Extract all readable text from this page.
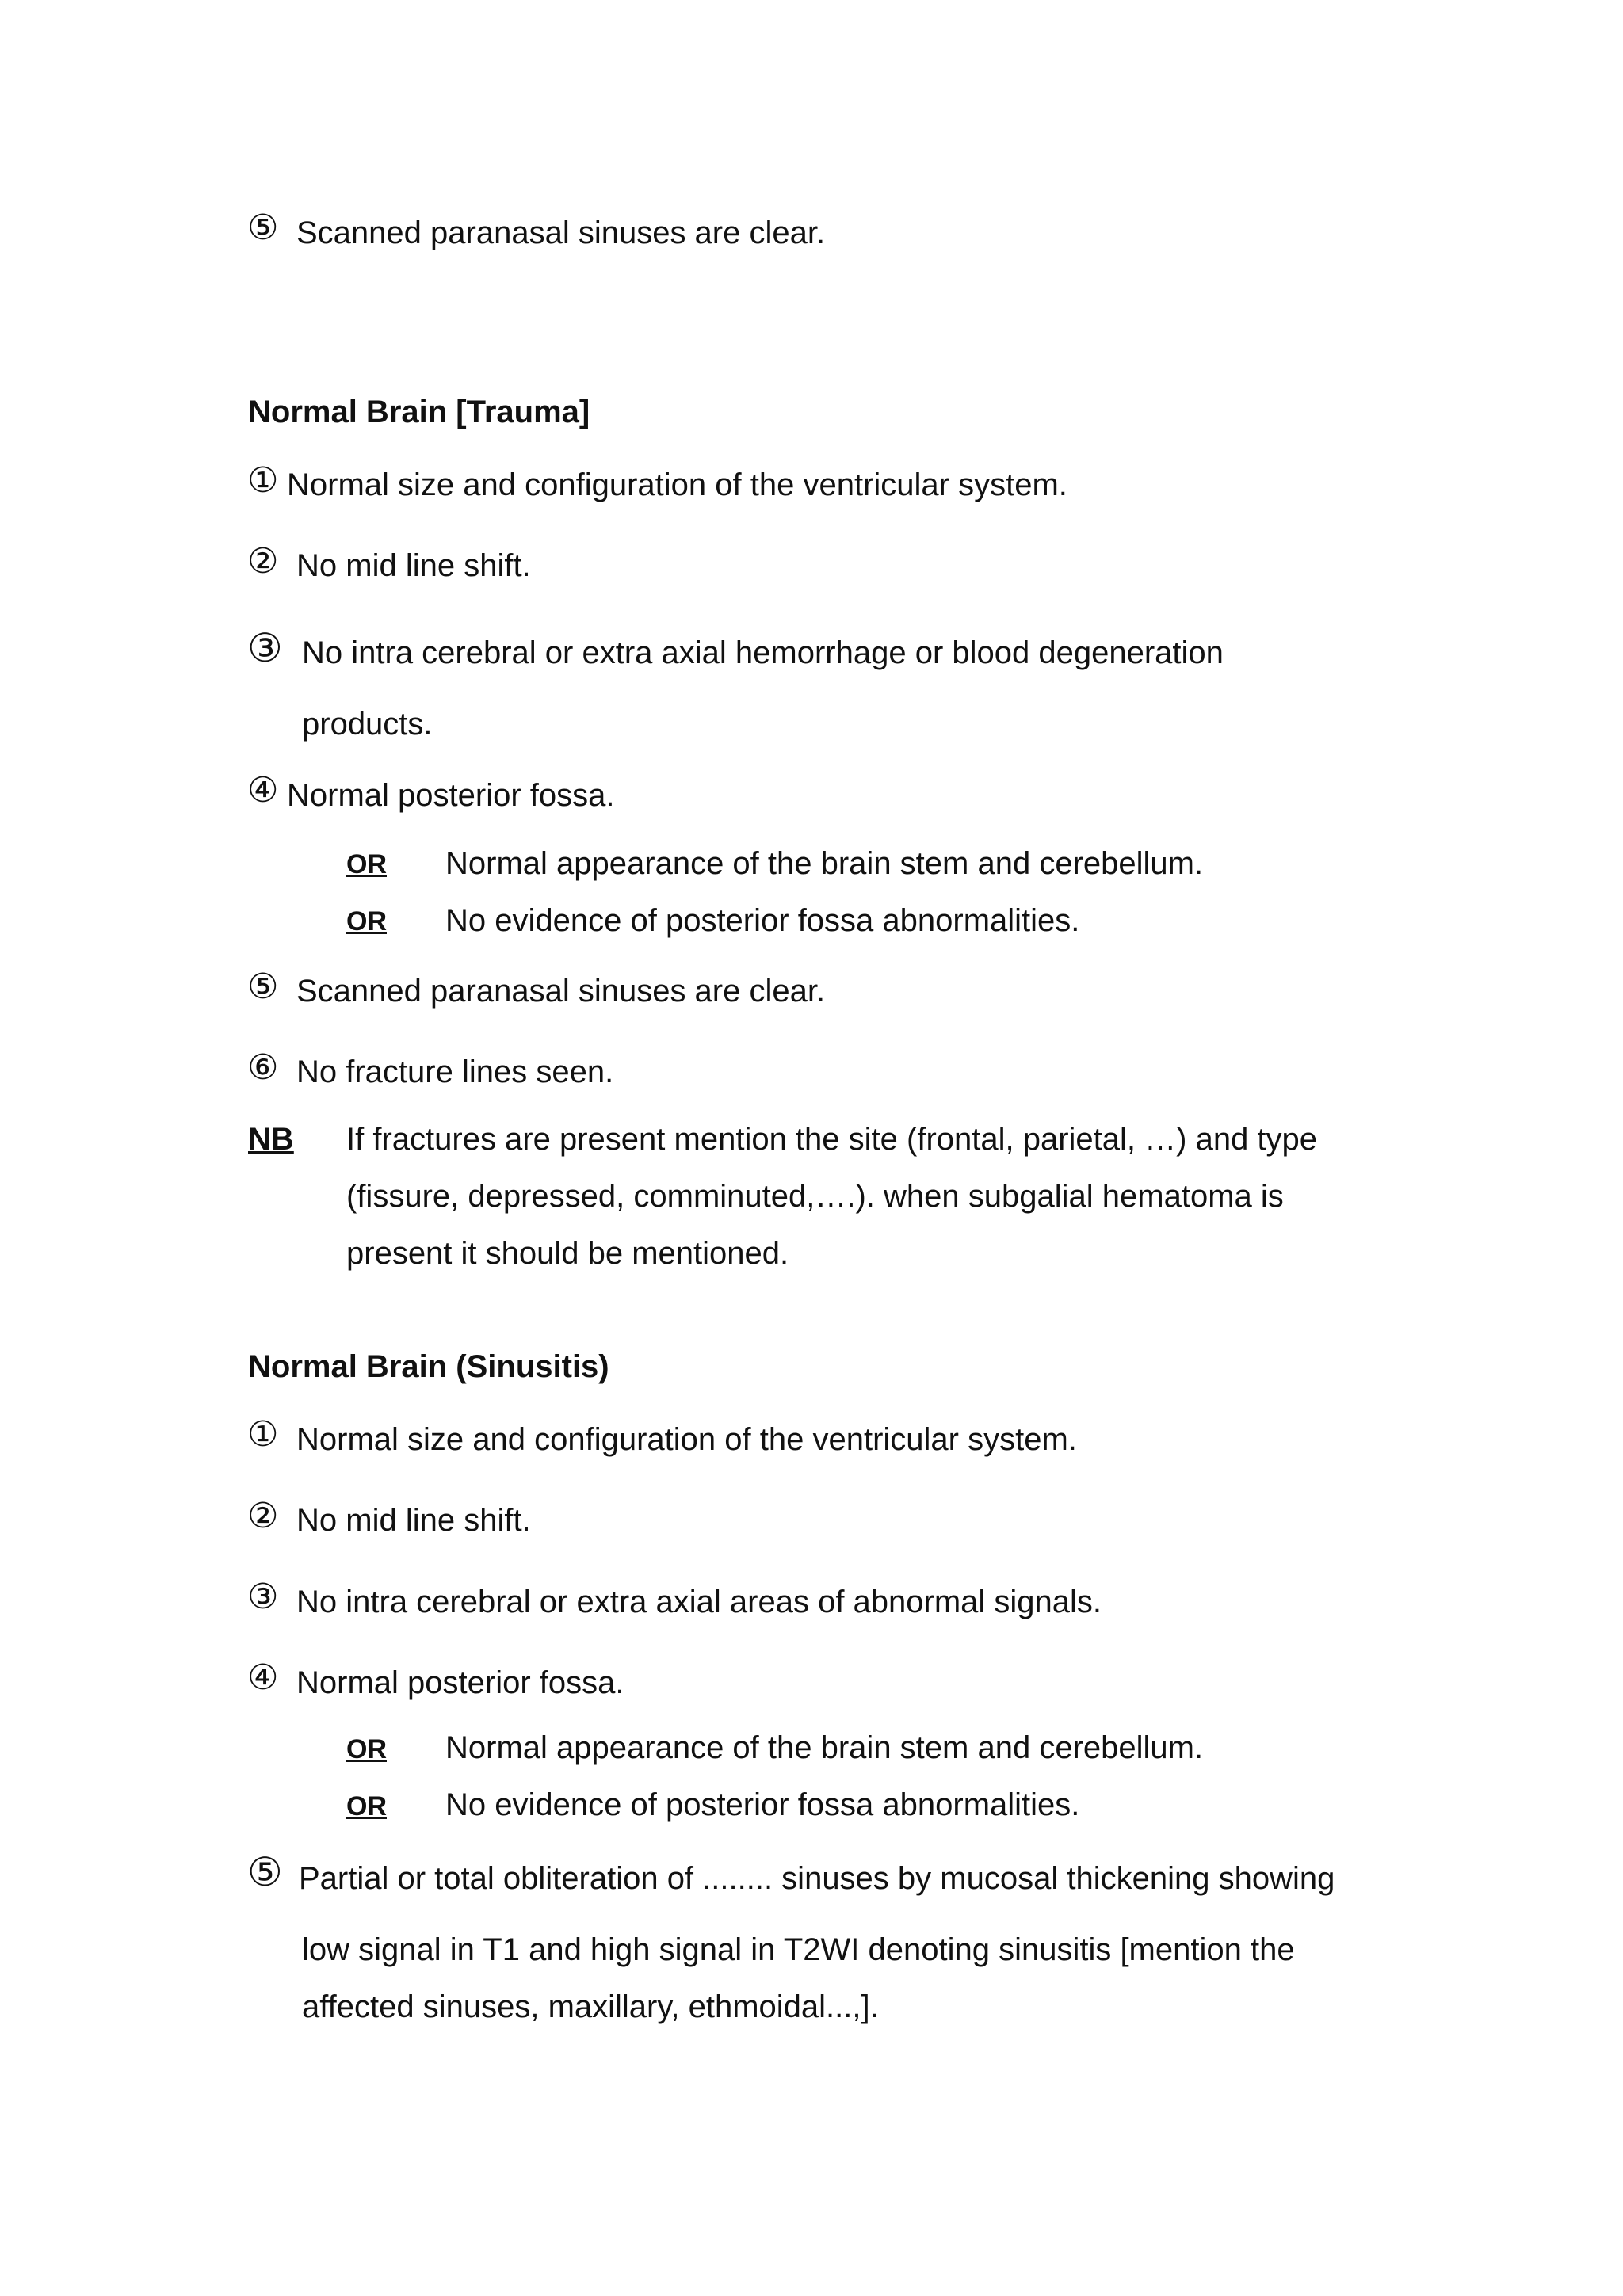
⑤ Scanned paranasal sinuses are clear.
Normal Brain [Trauma]
① Normal size and configuration of the ventricular system.
② No mid line shift.
③ No intra cerebral or extra axial hemorrhage or blood degeneration
products.
④ Normal posterior fossa.
OR Normal appearance of the brain stem and cerebellum.
OR No evidence of posterior fossa abnormalities.
⑤ Scanned paranasal sinuses are clear.
⑥ No fracture lines seen.
NB If fractures are present mention the site (frontal, parietal, …) and type
(fissure, depressed, comminuted,….). when subgalial hematoma is
present it should be mentioned.
Normal Brain (Sinusitis)
① Normal size and configuration of the ventricular system.
② No mid line shift.
③ No intra cerebral or extra axial areas of abnormal signals.
④ Normal posterior fossa.
OR Normal appearance of the brain stem and cerebellum.
OR No evidence of posterior fossa abnormalities.
⑤ Partial or total obliteration of ........ sinuses by mucosal thickening showing
low signal in T1 and high signal in T2WI denoting sinusitis [mention the
affected sinuses, maxillary, ethmoidal...,].
